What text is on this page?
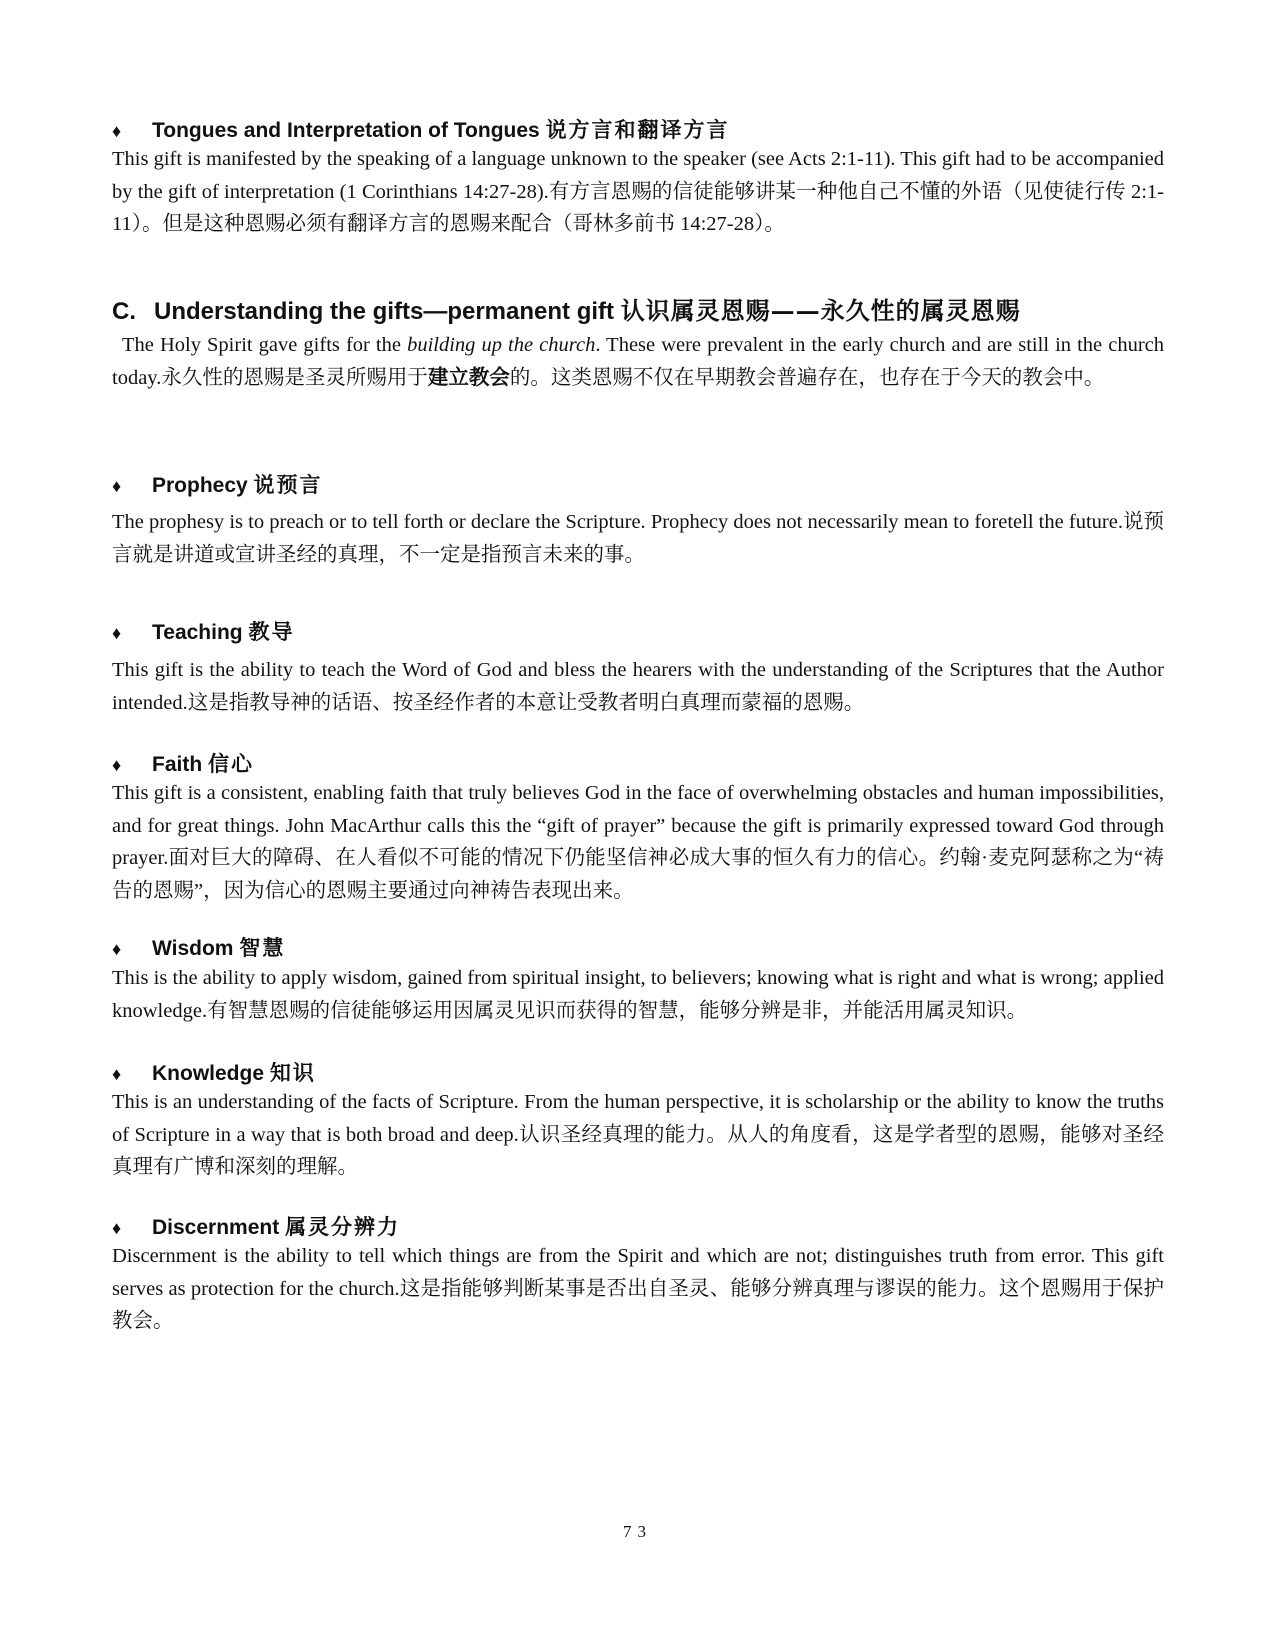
♦ Tongues and Interpretation of Tongues 说方言和翻译方言
This gift is manifested by the speaking of a language unknown to the speaker (see Acts 2:1-11). This gift had to be accompanied by the gift of interpretation (1 Corinthians 14:27-28).有方言恩赐的信徒能够讲某一种他自己不懂的外语（见使徒行传 2:1-11）。但是这种恩赐必须有翻译方言的恩赐来配合（哥林多前书 14:27-28）。
C. Understanding the gifts—permanent gift 认识属灵恩赐——永久性的属灵恩赐
The Holy Spirit gave gifts for the building up the church. These were prevalent in the early church and are still in the church today.永久性的恩赐是圣灵所赐用于建立教会的。这类恩赐不仅在早期教会普遍存在，也存在于今天的教会中。
♦ Prophecy 说预言
The prophesy is to preach or to tell forth or declare the Scripture. Prophecy does not necessarily mean to foretell the future.说预言就是讲道或宣讲圣经的真理，不一定是指预言未来的事。
♦ Teaching 教导
This gift is the ability to teach the Word of God and bless the hearers with the understanding of the Scriptures that the Author intended.这是指教导神的话语、按圣经作者的本意让受教者明白真理而蒙福的恩赐。
♦ Faith 信心
This gift is a consistent, enabling faith that truly believes God in the face of overwhelming obstacles and human impossibilities, and for great things. John MacArthur calls this the “gift of prayer” because the gift is primarily expressed toward God through prayer.面对巨大的障碍、在人看似不可能的情况下仍能坚信神必成大事的恒久有力的信心。约翰·麦克阿瑟称之为“祷告的恩赐”，因为信心的恩赐主要通过向神祷告表现出来。
♦ Wisdom 智慧
This is the ability to apply wisdom, gained from spiritual insight, to believers; knowing what is right and what is wrong; applied knowledge.有智慧恩赐的信徒能够运用因属灵见识而获得的智慧，能够分辨是非，并能活用属灵知识。
♦ Knowledge 知识
This is an understanding of the facts of Scripture. From the human perspective, it is scholarship or the ability to know the truths of Scripture in a way that is both broad and deep.认识圣经真理的能力。从人的角度看，这是学者型的恩赐，能够对圣经真理有广博和深刻的理解。
♦ Discernment 属灵分辨力
Discernment is the ability to tell which things are from the Spirit and which are not; distinguishes truth from error. This gift serves as protection for the church.这是指能够判断某事是否出自圣灵、能够分辨真理与谬误的能力。这个恩赐用于保护教会。
73
